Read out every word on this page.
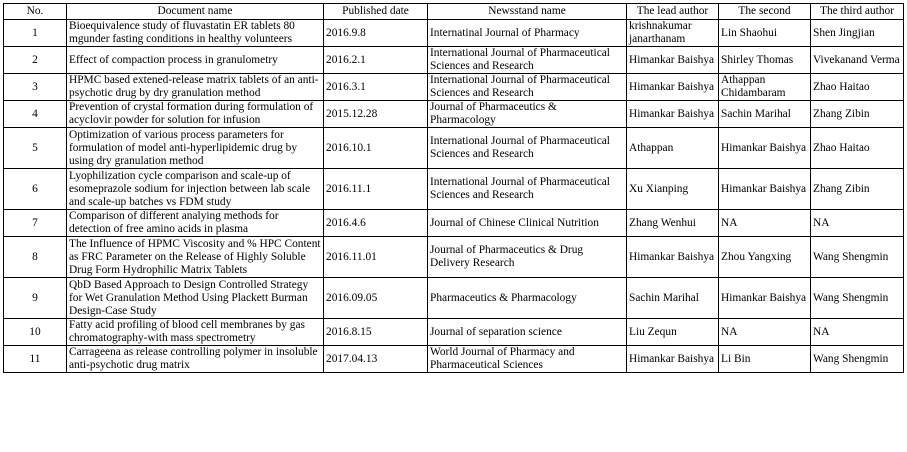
No.	Document name	Published date	Newsstand name	The lead author	The second	The third author
1	Bioequivalence study of fluvastatin ER tablets 80 mgunder fasting conditions in healthy volunteers	2016.9.8	Internatinal Journal of Pharmacy	krishnakumar janarthanam	Lin Shaohui	Shen Jingjian
2	Effect of compaction process in granulometry	2016.2.1	International Journal of Pharmaceutical Sciences and Research	Himankar Baishya	Shirley Thomas	Vivekanand Verma
3	HPMC based extened-release matrix tablets of an anti-psychotic drug by dry granulation method	2016.3.1	International Journal of Pharmaceutical Sciences and Research	Himankar Baishya	Athappan Chidambaram	Zhao Haitao
4	Prevention of crystal formation during formulation of acyclovir powder for solution for infusion	2015.12.28	Journal of Pharmaceutics & Pharmacology	Himankar Baishya	Sachin Marihal	Zhang Zibin
5	Optimization of various process parameters for formulation of model anti-hyperlipidemic drug by using dry granulation method	2016.10.1	International Journal of Pharmaceutical Sciences and Research	Athappan	Himankar Baishya	Zhao Haitao
6	Lyophilization cycle comparison and scale-up of esomeprazole sodium for injection between lab scale and scale-up batches vs FDM study	2016.11.1	International Journal of Pharmaceutical Sciences and Research	Xu Xianping	Himankar Baishya	Zhang Zibin
7	Comparison of different analying methods for detection of free amino acids in plasma	2016.4.6	Journal of Chinese Clinical Nutrition	Zhang Wenhui	NA	NA
8	The Influence of HPMC Viscosity and % HPC Content as FRC Parameter on the Release of Highly Soluble Drug Form Hydrophilic Matrix Tablets	2016.11.01	Journal of Pharmaceutics & Drug Delivery Research	Himankar Baishya	Zhou Yangxing	Wang Shengmin
9	QbD Based Approach to Design Controlled Strategy for Wet Granulation Method Using Plackett Burman Design-Case Study	2016.09.05	Pharmaceutics & Pharmacology	Sachin Marihal	Himankar Baishya	Wang Shengmin
10	Fatty acid profiling of blood cell membranes by gas chromatography-with mass spectrometry	2016.8.15	Journal of separation science	Liu Zequn	NA	NA
11	Carrageena as release controlling polymer in insoluble anti-psychotic drug matrix	2017.04.13	World Journal of Pharmacy and Pharmaceutical Sciences	Himankar Baishya	Li Bin	Wang Shengmin
